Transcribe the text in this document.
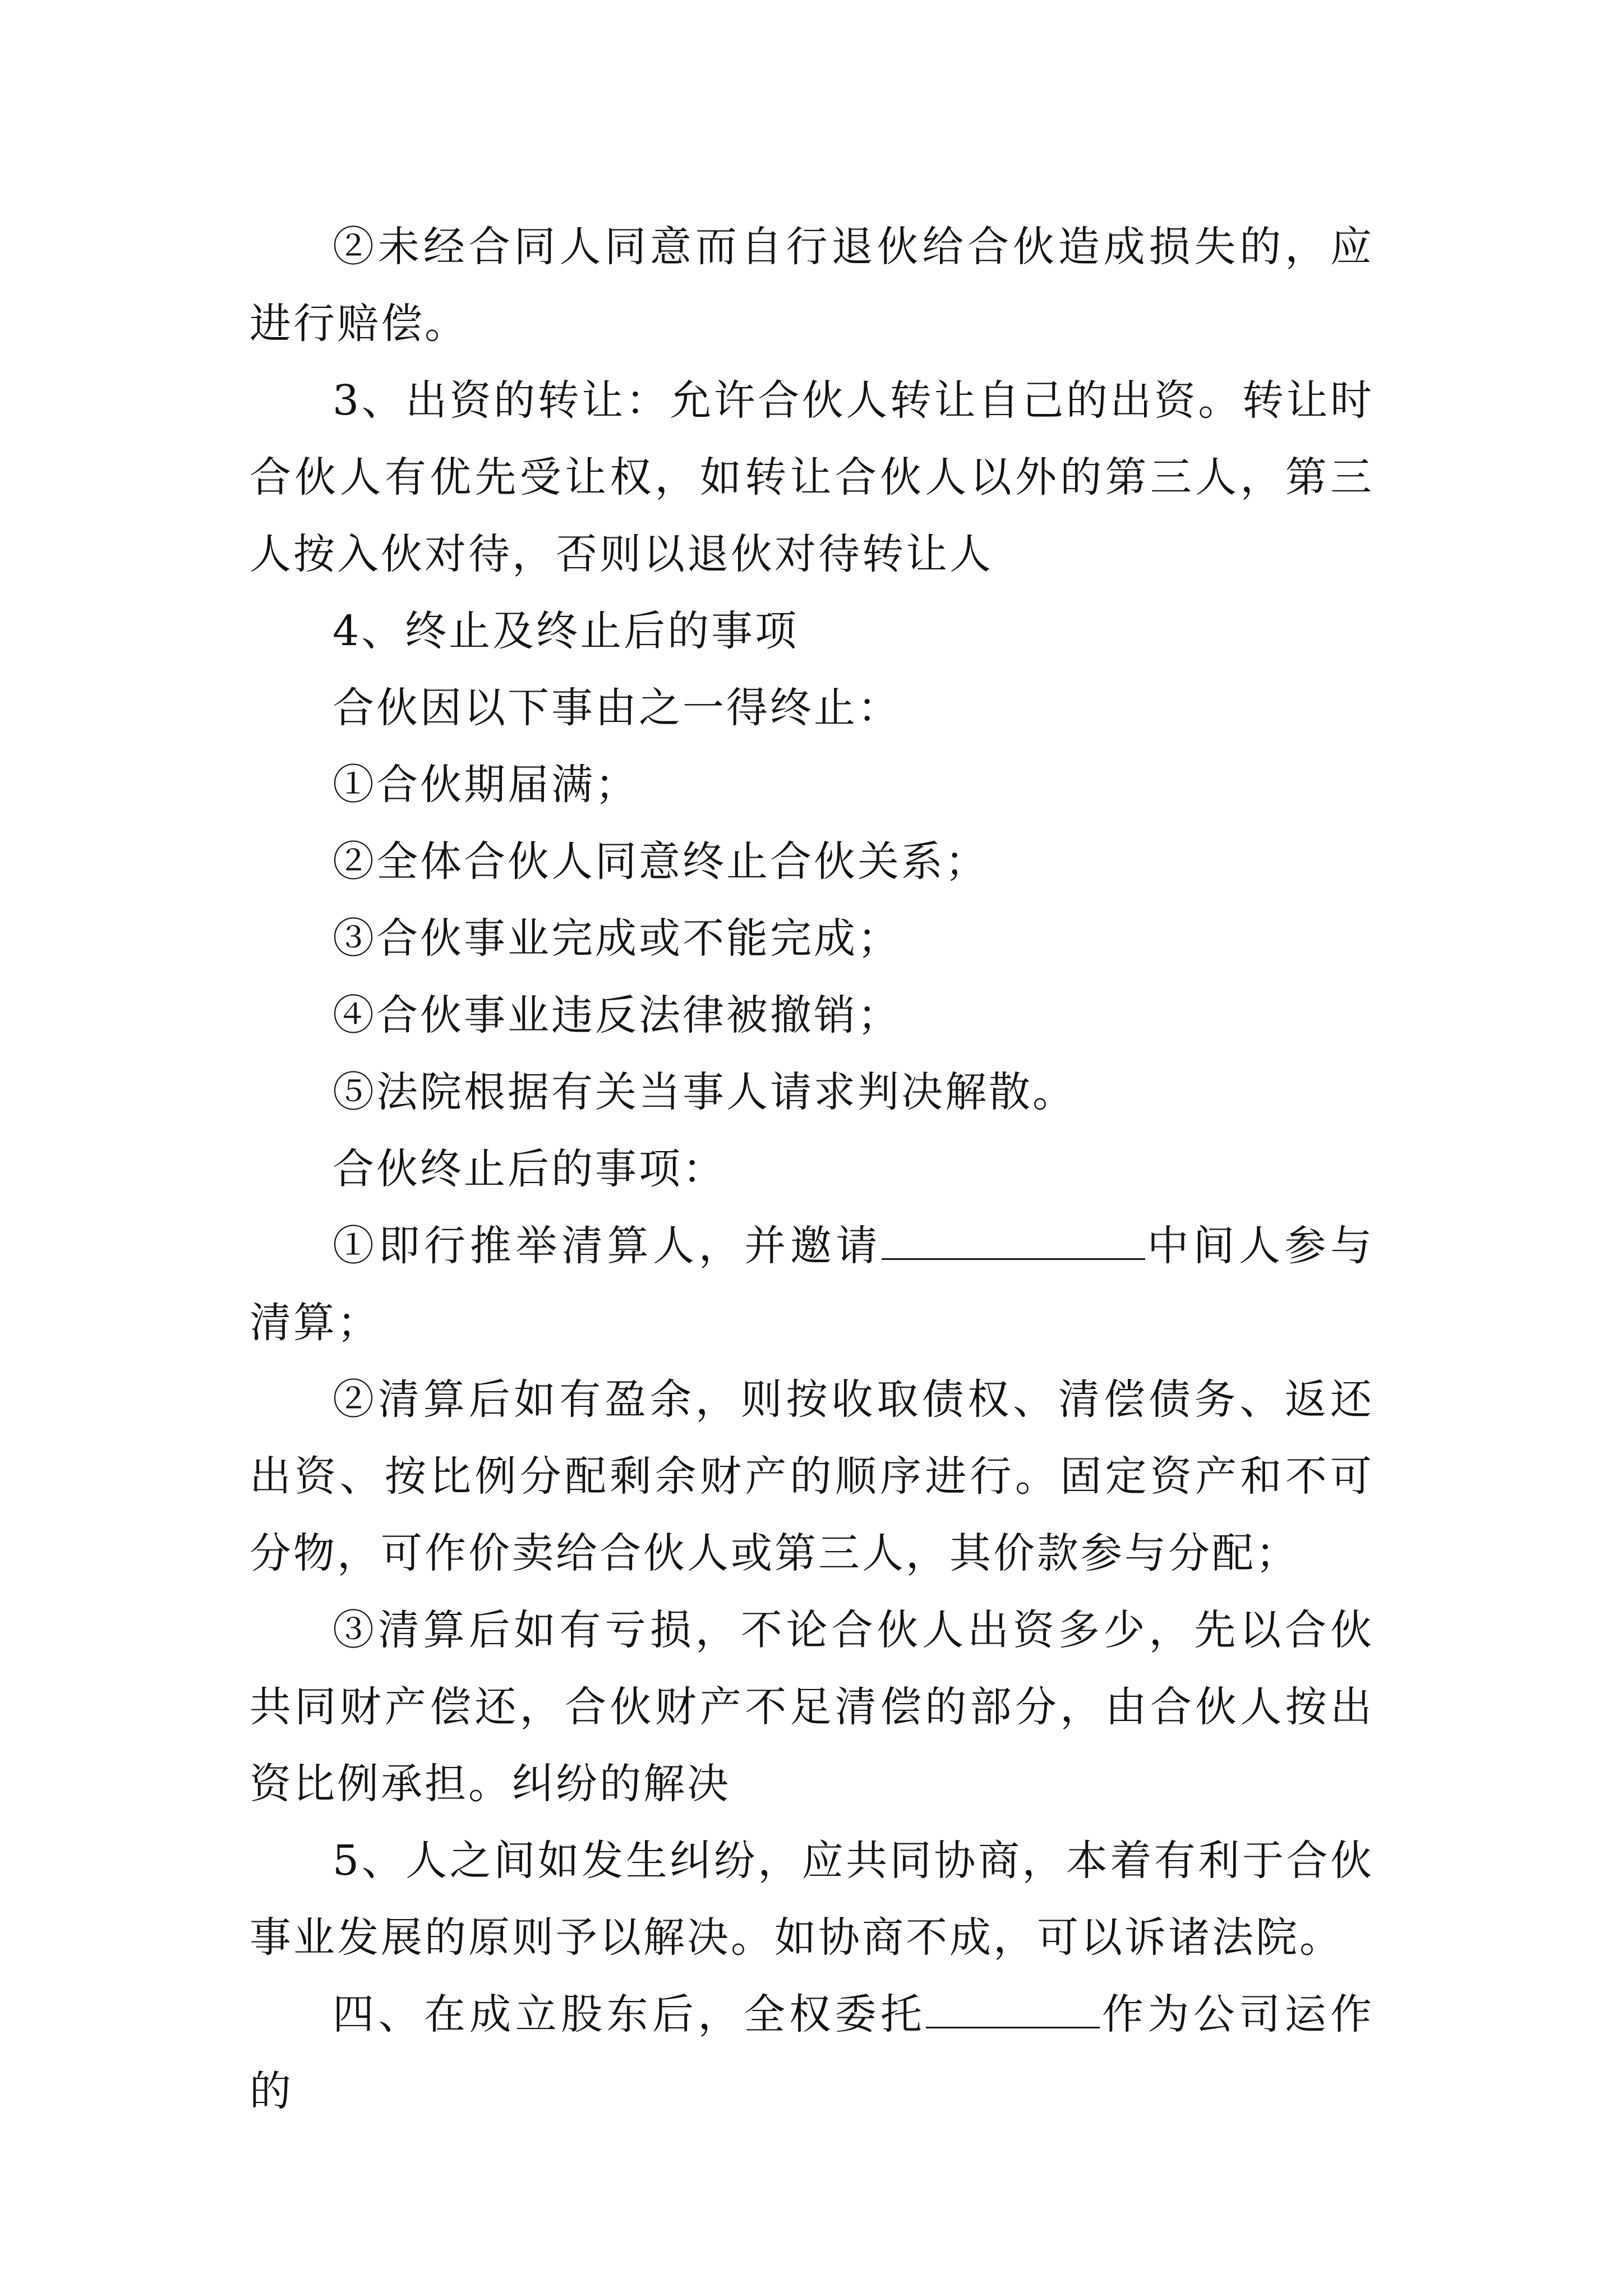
②未经合同人同意而自行退伙给合伙造成损失的，应进行赔偿。

3、出资的转让：允许合伙人转让自己的出资。转让时合伙人有优先受让权，如转让合伙人以外的第三人，第三人按入伙对待，否则以退伙对待转让人

4、终止及终止后的事项

合伙因以下事由之一得终止：

①合伙期届满；

②全体合伙人同意终止合伙关系；

③合伙事业完成或不能完成；

④合伙事业违反法律被撤销；

⑤法院根据有关当事人请求判决解散。

合伙终止后的事项：

①即行推举清算人，并邀请	中间人参与清算；

②清算后如有盈余，则按收取债权、清偿债务、返还出资、按比例分配剩余财产的顺序进行。固定资产和不可分物，可作价卖给合伙人或第三人，其价款参与分配；

③清算后如有亏损，不论合伙人出资多少，先以合伙共同财产偿还，合伙财产不足清偿的部分，由合伙人按出资比例承担。纠纷的解决

5、人之间如发生纠纷，应共同协商，本着有利于合伙事业发展的原则予以解决。如协商不成，可以诉诸法院。

四、在成立股东后，全权委托	作为公司运作的
